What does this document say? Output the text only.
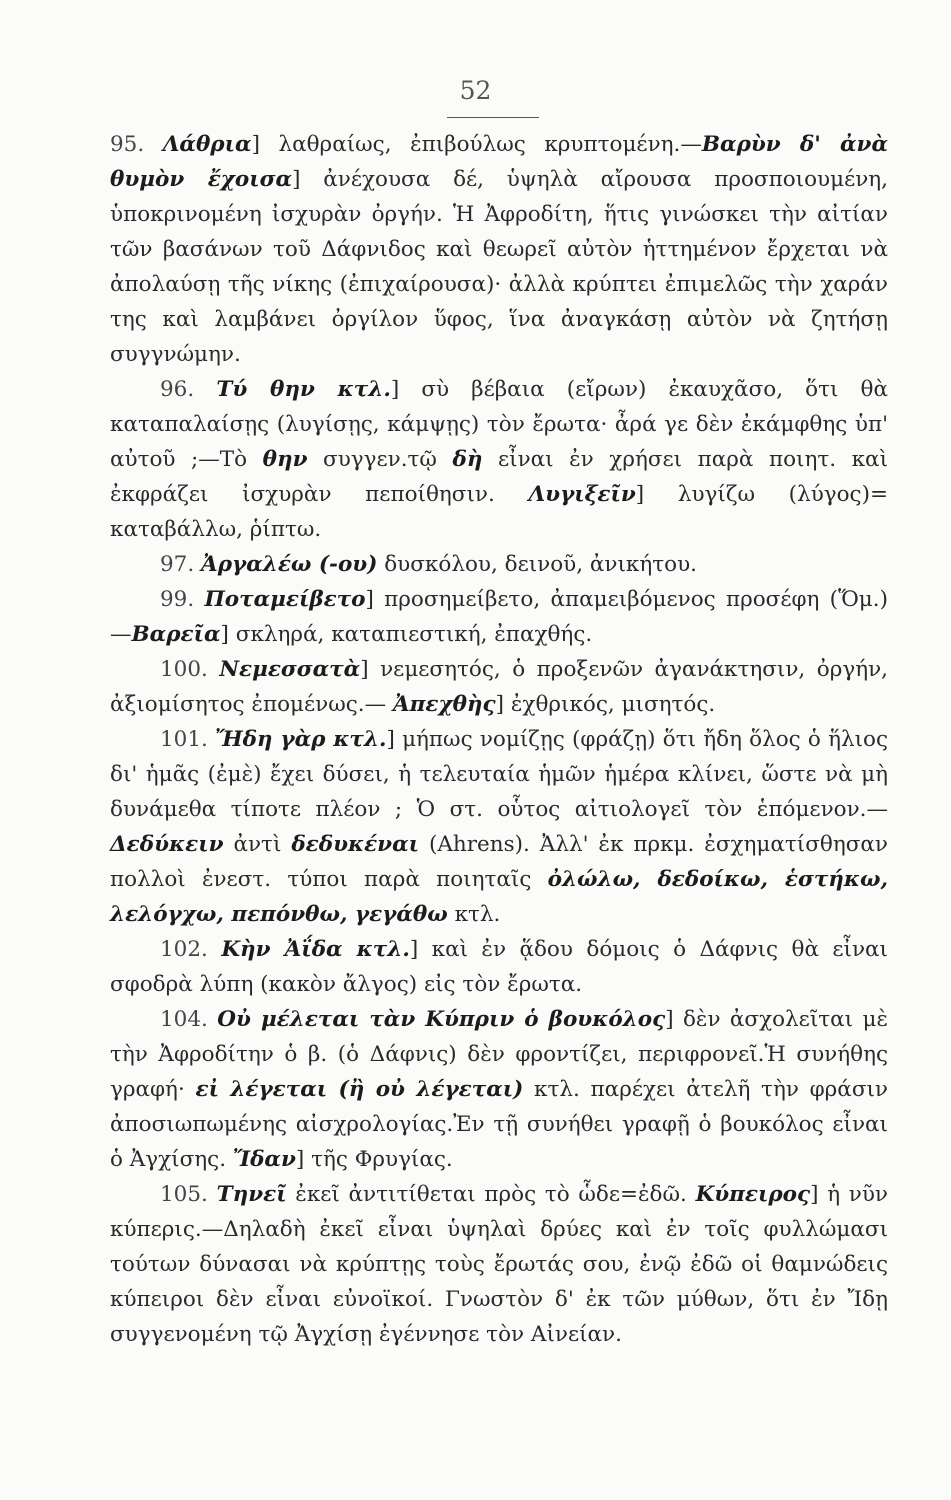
52

95. Λάθρια] λαθραίως, ἐπιβούλως κρυπτομένη.—Βαρὺν δ' ἀνὰ θυμὸν ἔχοισα] ἀνέχουσα δέ, ὑψηλὰ αἴρουσα προσποιουμένη, ὑποκρινομένη ἰσχυρὰν ὀργήν. Ἡ Ἀφροδίτη, ἥτις γινώσκει τὴν αἰτίαν τῶν βασάνων τοῦ Δάφνιδος καὶ θεωρεῖ αὐτὸν ἡττημένον ἔρχεται νὰ ἀπολαύσῃ τῆς νίκης (ἐπιχαίρουσα)· ἀλλὰ κρύπτει ἐπιμελῶς τὴν χαράν της καὶ λαμβάνει ὀργίλον ὕφος, ἵνα ἀναγκάσῃ αὐτὸν νὰ ζητήσῃ συγγνώμην.

96. Τύ θην κτλ.] σὺ βέβαια (εἴρων) ἐκαυχᾶσο, ὅτι θὰ καταπαλαίσῃς (λυγίσῃς, κάμψῃς) τὸν ἔρωτα· ἆρά γε δὲν ἐκάμφθης ὑπ' αὐτοῦ ;—Τὸ θην συγγεν.τῷ δὴ εἶναι ἐν χρήσει παρὰ ποιητ. καὶ ἐκφράζει ἰσχυρὰν πεποίθησιν. Λυγιξεῖν] λυγίζω (λύγος)= καταβάλλω, ῥίπτω.

97. Ἀργαλέω (-ου) δυσκόλου, δεινοῦ, ἀνικήτου.

99. Ποταμείβετο] προσημείβετο, ἀπαμειβόμενος προσέφη (Ὅμ.)—Βαρεῖα] σκληρά, καταπιεστική, ἐπαχθής.

100. Νεμεσσατὰ] νεμεσητός, ὁ προξενῶν ἀγανάκτησιν, ὀργήν, ἀξιομίσητος ἐπομένως.— Ἀπεχθὴς] ἐχθρικός, μισητός.

101. Ἤδη γὰρ κτλ.] μήπως νομίζῃς (φράζῃ) ὅτι ἤδη ὅλος ὁ ἥλιος δι' ἡμᾶς (ἐμὲ) ἔχει δύσει, ἡ τελευταία ἡμῶν ἡμέρα κλίνει, ὥστε νὰ μὴ δυνάμεθα τίποτε πλέον ; Ὁ στ. οὗτος αἰτιολογεῖ τὸν ἑπόμενον.—Δεδύκειν ἀντὶ δεδυκέναι (Ahrens). Ἀλλ' ἐκ πρκμ. ἐσχηματίσθησαν πολλοὶ ἐνεστ. τύποι παρὰ ποιηταῖς ὀλώλω, δεδοίκω, ἑστήκω, λελόγχω, πεπόνθω, γεγάθω κτλ.

102. Κὴν Ἀΐδα κτλ.] καὶ ἐν ᾅδου δόμοις ὁ Δάφνις θὰ εἶναι σφοδρὰ λύπη (κακὸν ἄλγος) εἰς τὸν ἔρωτα.

104. Οὐ μέλεται τὰν Κύπριν ὁ βουκόλος] δὲν ἀσχολεῖται μὲ τὴν Ἀφροδίτην ὁ β. (ὁ Δάφνις) δὲν φροντίζει, περιφρονεῖ.Ἡ συνήθης γραφή· εἰ λέγεται (ἢ οὐ λέγεται) κτλ. παρέχει ἀτελῆ τὴν φράσιν ἀποσιωπωμένης αἰσχρολογίας.Ἐν τῇ συνήθει γραφῇ ὁ βουκόλος εἶναι ὁ Ἀγχίσης. Ἴδαν] τῆς Φρυγίας.

105. Τηνεῖ ἐκεῖ ἀντιτίθεται πρὸς τὸ ὧδε=ἐδῶ. Κύπειρος] ἡ νῦν κύπερις.—Δηλαδὴ ἐκεῖ εἶναι ὑψηλαὶ δρύες καὶ ἐν τοῖς φυλλώμασι τούτων δύνασαι νὰ κρύπτῃς τοὺς ἔρωτάς σου, ἐνῷ ἐδῶ οἱ θαμνώδεις κύπειροι δὲν εἶναι εὐνοϊκοί. Γνωστὸν δ' ἐκ τῶν μύθων, ὅτι ἐν Ἴδῃ συγγενομένη τῷ Ἀγχίσῃ ἐγέννησε τὸν Αἰνείαν.
